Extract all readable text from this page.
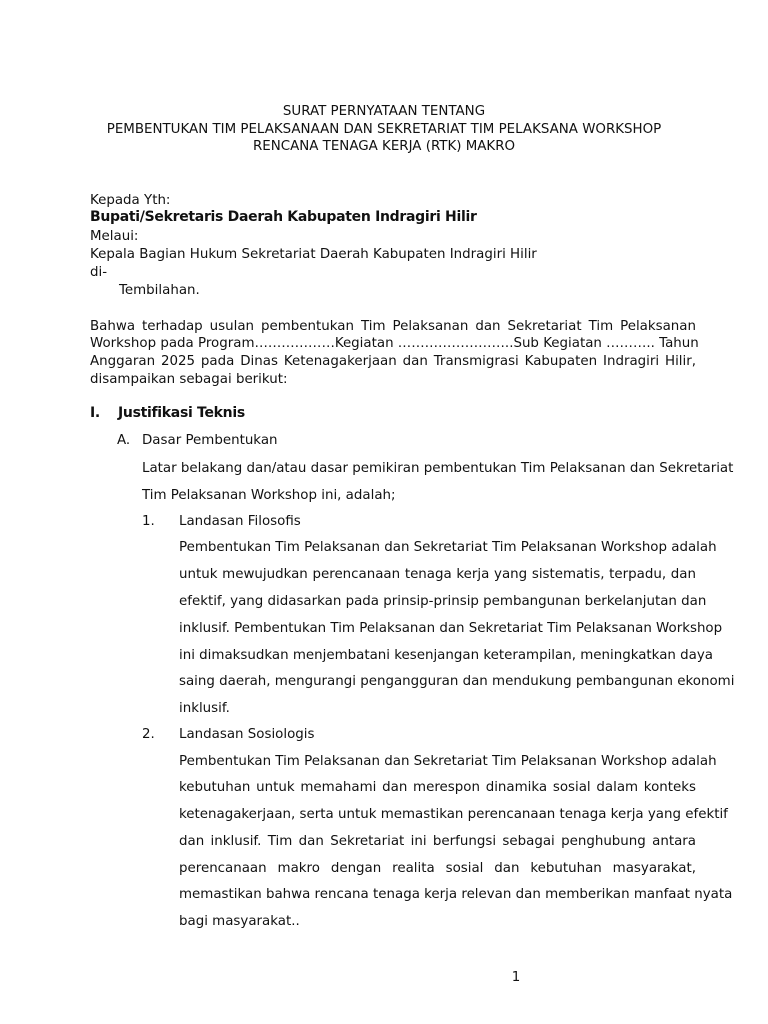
SURAT PERNYATAAN TENTANG
PEMBENTUKAN TIM PELAKSANAAN DAN SEKRETARIAT TIM PELAKSANA WORKSHOP
RENCANA TENAGA KERJA (RTK) MAKRO
Kepada Yth:
Bupati/Sekretaris Daerah Kabupaten Indragiri Hilir
Melaui:
Kepala Bagian Hukum Sekretariat Daerah Kabupaten Indragiri Hilir
di-
Tembilahan.
Bahwa terhadap usulan pembentukan Tim Pelaksanan dan Sekretariat Tim Pelaksanan
Workshop pada Program………………Kegiatan ……………………..Sub Kegiatan ……….. Tahun
Anggaran 2025 pada Dinas Ketenagakerjaan dan Transmigrasi Kabupaten Indragiri Hilir,
disampaikan sebagai berikut:
I. Justifikasi Teknis
A. Dasar Pembentukan
Latar belakang dan/atau dasar pemikiran pembentukan Tim Pelaksanan dan Sekretariat
Tim Pelaksanan Workshop ini, adalah;
1. Landasan Filosofis
Pembentukan Tim Pelaksanan dan Sekretariat Tim Pelaksanan Workshop adalah
untuk mewujudkan perencanaan tenaga kerja yang sistematis, terpadu, dan
efektif, yang didasarkan pada prinsip-prinsip pembangunan berkelanjutan dan
inklusif. Pembentukan Tim Pelaksanan dan Sekretariat Tim Pelaksanan Workshop
ini dimaksudkan menjembatani kesenjangan keterampilan, meningkatkan daya
saing daerah, mengurangi pengangguran dan mendukung pembangunan ekonomi
inklusif.
2. Landasan Sosiologis
Pembentukan Tim Pelaksanan dan Sekretariat Tim Pelaksanan Workshop adalah
kebutuhan untuk memahami dan merespon dinamika sosial dalam konteks
ketenagakerjaan, serta untuk memastikan perencanaan tenaga kerja yang efektif
dan inklusif. Tim dan Sekretariat ini berfungsi sebagai penghubung antara
perencanaan makro dengan realita sosial dan kebutuhan masyarakat,
memastikan bahwa rencana tenaga kerja relevan dan memberikan manfaat nyata
bagi masyarakat..
1
